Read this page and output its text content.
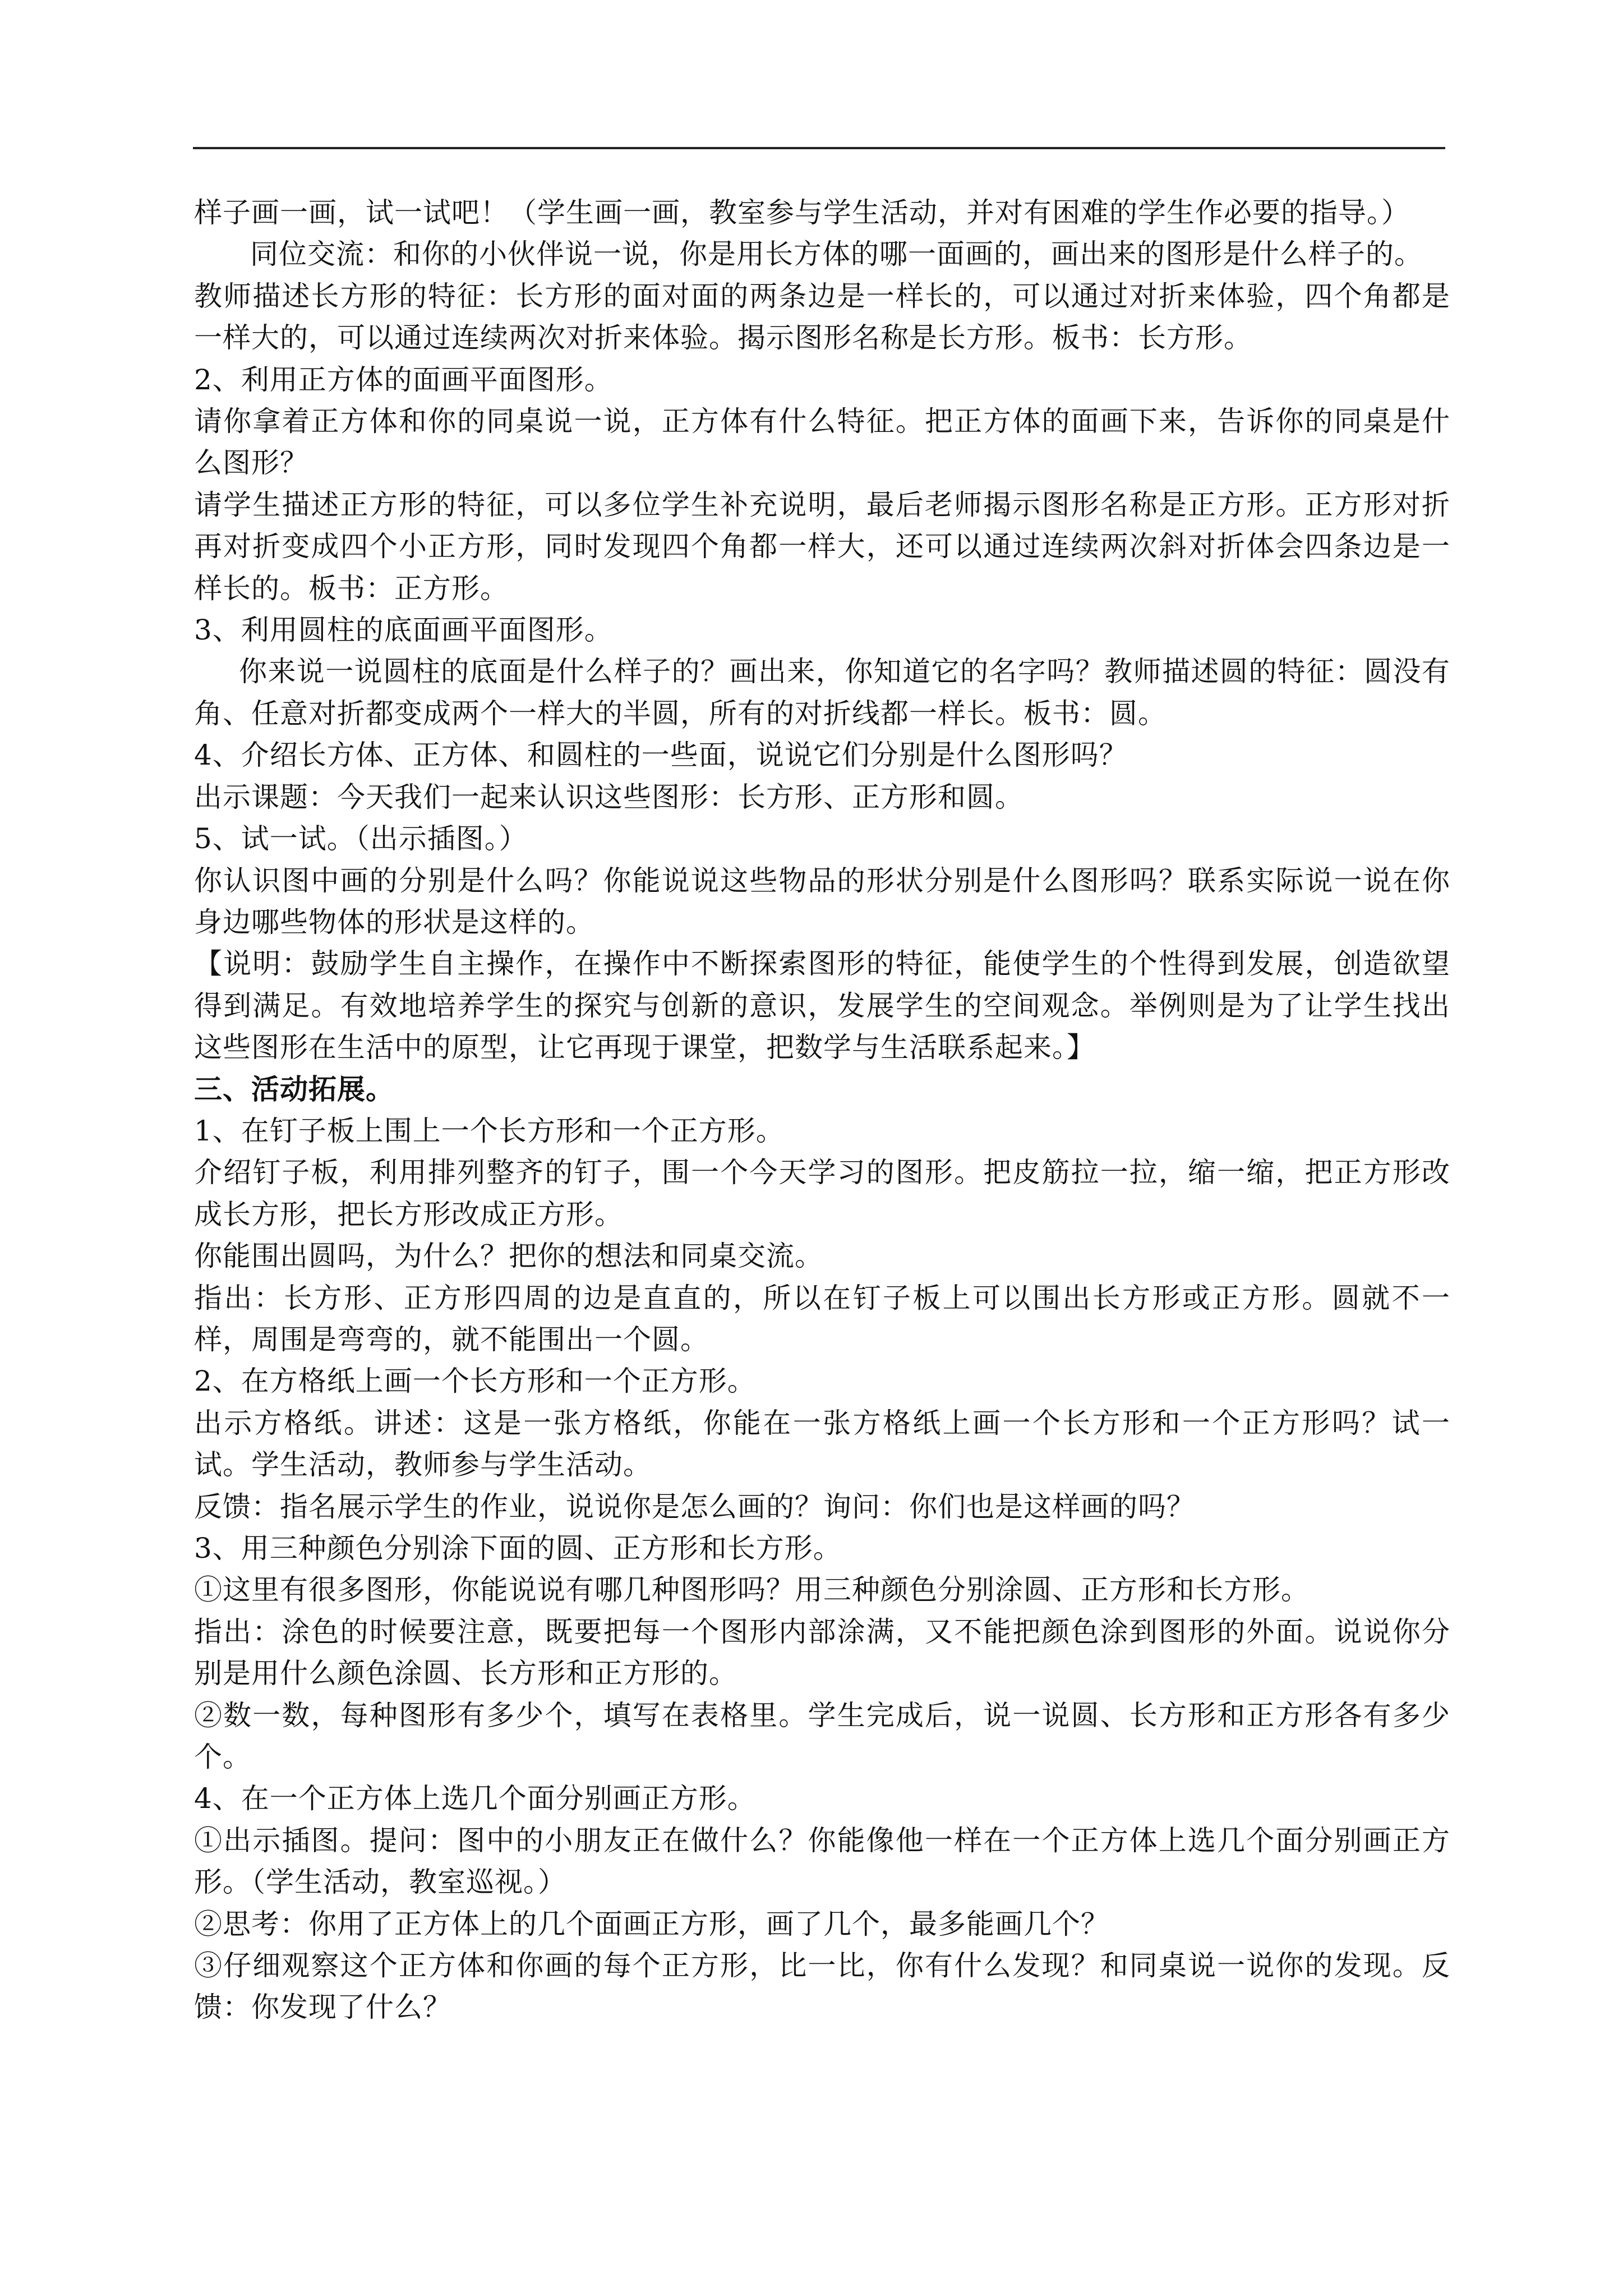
样子画一画，试一试吧！（学生画一画，教室参与学生活动，并对有困难的学生作必要的指导。）

同位交流：和你的小伙伴说一说，你是用长方体的哪一面画的，画出来的图形是什么样子的。

教师描述长方形的特征：长方形的面对面的两条边是一样长的，可以通过对折来体验，四个角都是一样大的，可以通过连续两次对折来体验。揭示图形名称是长方形。板书：长方形。

2、利用正方体的面画平面图形。

请你拿着正方体和你的同桌说一说，正方体有什么特征。把正方体的面画下来，告诉你的同桌是什么图形？

请学生描述正方形的特征，可以多位学生补充说明，最后老师揭示图形名称是正方形。正方形对折再对折变成四个小正方形，同时发现四个角都一样大，还可以通过连续两次斜对折体会四条边是一样长的。板书：正方形。

3、利用圆柱的底面画平面图形。

你来说一说圆柱的底面是什么样子的？画出来，你知道它的名字吗？教师描述圆的特征：圆没有角、任意对折都变成两个一样大的半圆，所有的对折线都一样长。板书：圆。

4、介绍长方体、正方体、和圆柱的一些面，说说它们分别是什么图形吗？

出示课题：今天我们一起来认识这些图形：长方形、正方形和圆。

5、试一试。（出示插图。）

你认识图中画的分别是什么吗？你能说说这些物品的形状分别是什么图形吗？联系实际说一说在你身边哪些物体的形状是这样的。

【说明：鼓励学生自主操作，在操作中不断探索图形的特征，能使学生的个性得到发展，创造欲望得到满足。有效地培养学生的探究与创新的意识，发展学生的空间观念。举例则是为了让学生找出这些图形在生活中的原型，让它再现于课堂，把数学与生活联系起来。】

三、活动拓展。

1、在钉子板上围上一个长方形和一个正方形。

介绍钉子板，利用排列整齐的钉子，围一个今天学习的图形。把皮筋拉一拉，缩一缩，把正方形改成长方形，把长方形改成正方形。

你能围出圆吗，为什么？把你的想法和同桌交流。

指出：长方形、正方形四周的边是直直的，所以在钉子板上可以围出长方形或正方形。圆就不一样，周围是弯弯的，就不能围出一个圆。

2、在方格纸上画一个长方形和一个正方形。

出示方格纸。讲述：这是一张方格纸，你能在一张方格纸上画一个长方形和一个正方形吗？试一试。学生活动，教师参与学生活动。

反馈：指名展示学生的作业，说说你是怎么画的？询问：你们也是这样画的吗？

3、用三种颜色分别涂下面的圆、正方形和长方形。

①这里有很多图形，你能说说有哪几种图形吗？用三种颜色分别涂圆、正方形和长方形。

指出：涂色的时候要注意，既要把每一个图形内部涂满，又不能把颜色涂到图形的外面。说说你分别是用什么颜色涂圆、长方形和正方形的。

②数一数，每种图形有多少个，填写在表格里。学生完成后，说一说圆、长方形和正方形各有多少个。

4、在一个正方体上选几个面分别画正方形。

①出示插图。提问：图中的小朋友正在做什么？你能像他一样在一个正方体上选几个面分别画正方形。（学生活动，教室巡视。）

②思考：你用了正方体上的几个面画正方形，画了几个，最多能画几个？

③仔细观察这个正方体和你画的每个正方形，比一比，你有什么发现？和同桌说一说你的发现。反馈：你发现了什么？
